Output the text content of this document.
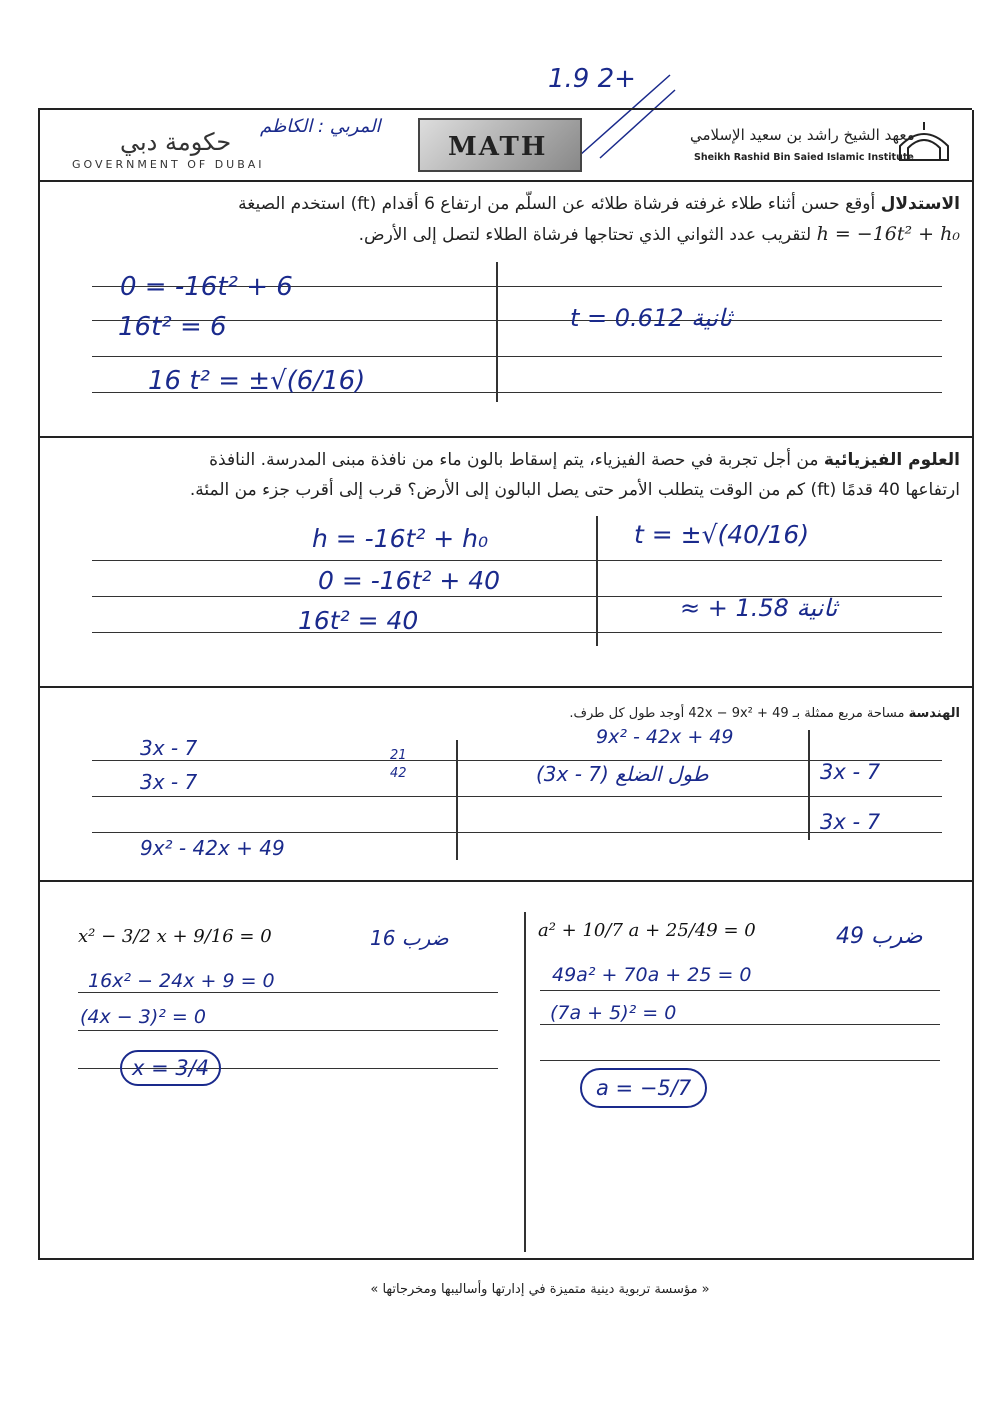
1.9 2+
حكومة دبي
GOVERNMENT OF DUBAI
المربي : الكاظم
MATH	معهد الشيخ راشد بن سعيد الإسلامي
Sheikh Rashid Bin Saied Islamic Institute
الاستدلال أوقع حسن أثناء طلاء غرفته فرشاة طلائه عن السلّم من ارتفاع 6 أقدام (ft) استخدم الصيغة
h = −16t² + h₀ لتقريب عدد الثواني الذي تحتاجها فرشاة الطلاء لتصل إلى الأرض.
0 = -16t² + 6
16t² = 6
16 t² = ±√(6/16)
t = 0.612 ثانية
العلوم الفيزيائية من أجل تجربة في حصة الفيزياء، يتم إسقاط بالون ماء من نافذة مبنى المدرسة. النافذة
ارتفاعها 40 قدمًا (ft) كم من الوقت يتطلب الأمر حتى يصل البالون إلى الأرض؟ قرب إلى أقرب جزء من المئة.
h = -16t² + h₀
0 = -16t² + 40
16t² = 40
t = ±√(40/16)
≈ + 1.58 ثانية
الهندسة مساحة مربع ممثلة بـ 49 + 42x − 9x² أوجد طول كل طرف.
3x - 7
3x - 7
9x² - 42x + 49
21
42
9x² - 42x + 49
(3x - 7) طول الضلع	3x - 7
3x - 7
x² − 3/2 x + 9/16 = 0	ضرب 16
16x² − 24x + 9 = 0
(4x − 3)² = 0
x = 3/4
a² + 10/7 a + 25/49 = 0	ضرب 49
49a² + 70a + 25 = 0
(7a + 5)² = 0
a = −5/7
« مؤسسة تربوية دينية متميزة في إدارتها وأساليبها ومخرجاتها »
